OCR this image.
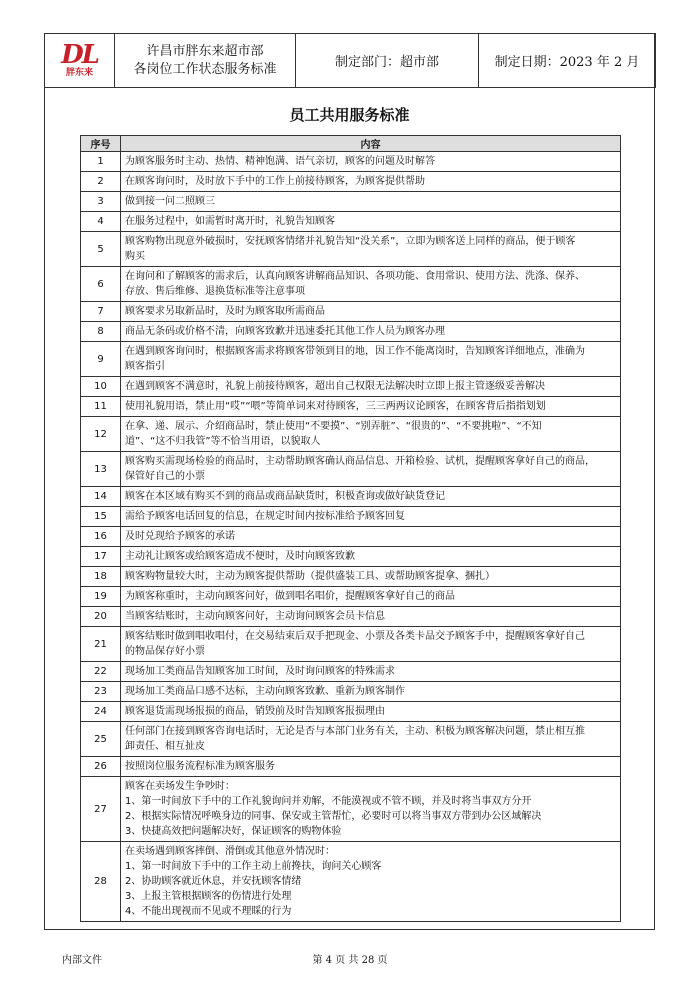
DL
胖东来

许昌市胖东来超市部
各岗位工作状态服务标准	制定部门：超市部	制定日期：2023 年 2 月
员工共用服务标准
序号	内容
1	为顾客服务时主动、热情、精神饱满、语气亲切，顾客的问题及时解答

2	在顾客询问时，及时放下手中的工作上前接待顾客，为顾客提供帮助

3	做到接一问二照顾三

4	在服务过程中，如需暂时离开时，礼貌告知顾客

5	顾客购物出现意外破损时，安抚顾客情绪并礼貌告知“没关系”，立即为顾客送上同样的商品，便于顾客
购买

6	在询问和了解顾客的需求后，认真向顾客讲解商品知识、各项功能、食用常识、使用方法、洗涤、保养、
存放、售后维修、退换货标准等注意事项

7	顾客要求另取新品时，及时为顾客取所需商品

8	商品无条码或价格不清，向顾客致歉并迅速委托其他工作人员为顾客办理

9	在遇到顾客询问时，根据顾客需求将顾客带领到目的地，因工作不能离岗时，告知顾客详细地点，准确为
顾客指引

10	在遇到顾客不满意时，礼貌上前接待顾客，超出自己权限无法解决时立即上报主管逐级妥善解决

11	使用礼貌用语，禁止用“哎”“喂”等简单词来对待顾客，三三两两议论顾客，在顾客背后指指划划

12	在拿、递、展示、介绍商品时，禁止使用“不要摸”、“别弄脏”、“很贵的”、“不要挑啦”、“不知
道”、“这不归我管”等不恰当用语，以貌取人

13	顾客购买需现场检验的商品时，主动帮助顾客确认商品信息、开箱检验、试机，提醒顾客拿好自己的商品，
保管好自己的小票

14	顾客在本区域有购买不到的商品或商品缺货时，积极查询或做好缺货登记

15	需给予顾客电话回复的信息，在规定时间内按标准给予顾客回复

16	及时兑现给予顾客的承诺

17	主动礼让顾客或给顾客造成不便时，及时向顾客致歉

18	顾客购物量较大时，主动为顾客提供帮助（提供盛装工具、或帮助顾客提拿、捆扎）

19	为顾客称重时，主动向顾客问好，做到唱名唱价，提醒顾客拿好自己的商品

20	当顾客结账时，主动向顾客问好，主动询问顾客会员卡信息

21	顾客结账时做到唱收唱付，在交易结束后双手把现金、小票及各类卡品交予顾客手中，提醒顾客拿好自己
的物品保存好小票

22	现场加工类商品告知顾客加工时间，及时询问顾客的特殊需求

23	现场加工类商品口感不达标，主动向顾客致歉、重新为顾客制作

24	顾客退货需现场报损的商品，销毁前及时告知顾客报损理由

25	任何部门在接到顾客咨询电话时，无论是否与本部门业务有关，主动、积极为顾客解决问题，禁止相互推
卸责任、相互扯皮

26	按照岗位服务流程标准为顾客服务

27	顾客在卖场发生争吵时：
1、第一时间放下手中的工作礼貌询问并劝解，不能漠视或不管不顾，并及时将当事双方分开
2、根据实际情况呼唤身边的同事、保安或主管帮忙，必要时可以将当事双方带到办公区域解决
3、快捷高效把问题解决好，保证顾客的购物体验

28	在卖场遇到顾客摔倒、滑倒或其他意外情况时：
1、第一时间放下手中的工作主动上前搀扶，询问关心顾客
2、协助顾客就近休息，并安抚顾客情绪
3、上报主管根据顾客的伤情进行处理
4、不能出现视而不见或不理睬的行为
内部文件	第 4 页 共 28 页
